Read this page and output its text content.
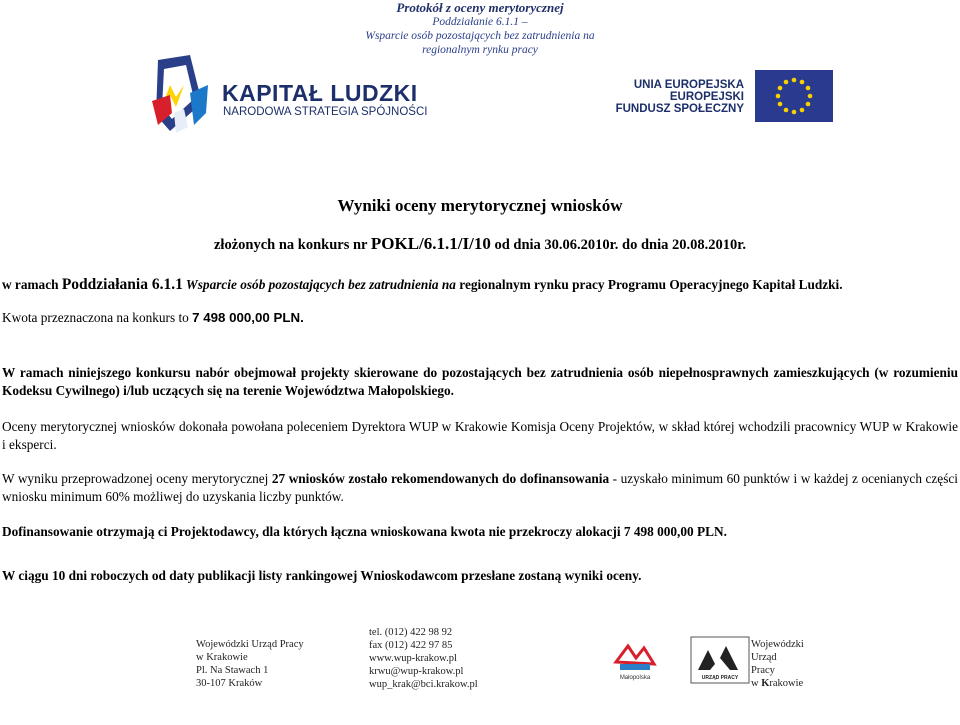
Protokół z oceny merytorycznej
Poddziałanie 6.1.1 –
Wsparcie osób pozostających bez zatrudnienia na
regionalnym rynku pracy
KAPITAŁ LUDZKI
NARODOWA STRATEGIA SPÓJNOŚCI
UNIA EUROPEJSKA
EUROPEJSKI
FUNDUSZ SPOŁECZNY
Wyniki oceny merytorycznej wniosków
złożonych na konkurs nr POKL/6.1.1/I/10 od dnia 30.06.2010r. do dnia 20.08.2010r.
w ramach Poddziałania 6.1.1 Wsparcie osób pozostających bez zatrudnienia na regionalnym rynku pracy Programu Operacyjnego Kapitał Ludzki.
Kwota przeznaczona na konkurs to 7 498 000,00 PLN.
W ramach niniejszego konkursu nabór obejmował projekty skierowane do pozostających bez zatrudnienia osób niepełnosprawnych zamieszkujących (w rozumieniu Kodeksu Cywilnego) i/lub uczących się na terenie Województwa Małopolskiego.
Oceny merytorycznej wniosków dokonała powołana poleceniem Dyrektora WUP w Krakowie Komisja Oceny Projektów, w skład której wchodzili pracownicy WUP w Krakowie i eksperci.
W wyniku przeprowadzonej oceny merytorycznej 27 wniosków zostało rekomendowanych do dofinansowania - uzyskało minimum 60 punktów i w każdej z ocenianych części wniosku minimum 60% możliwej do uzyskania liczby punktów.
Dofinansowanie otrzymają ci Projektodawcy, dla których łączna wnioskowana kwota nie przekroczy alokacji 7 498 000,00 PLN.
W ciągu 10 dni roboczych od daty publikacji listy rankingowej Wnioskodawcom przesłane zostaną wyniki oceny.
Wojewódzki Urząd Pracy
w Krakowie
Pl. Na Stawach 1
30-107 Kraków
tel. (012) 422 98 92
fax (012) 422 97 85
www.wup-krakow.pl
krwu@wup-krakow.pl
wup_krak@bci.krakow.pl
Małopolska	URZĄD PRACY
Wojewódzki
Urząd
Pracy
w Krakowie
